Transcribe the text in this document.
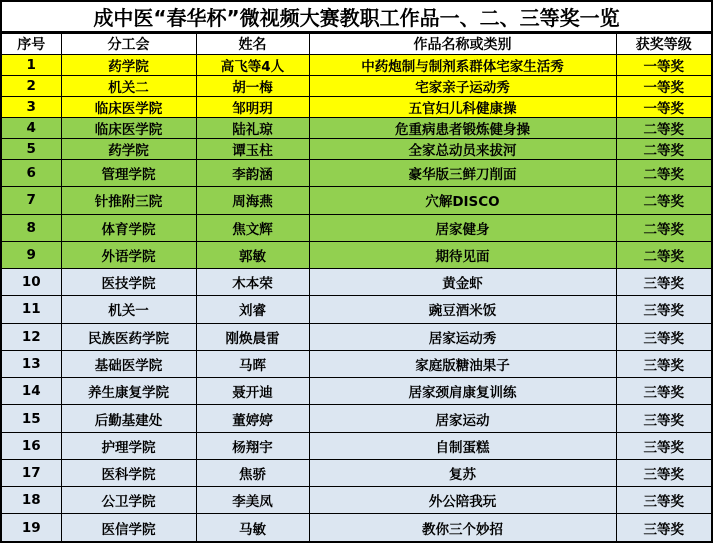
成中医“春华杯”微视频大赛教职工作品一、二、三等奖一览				
序号	分工会	姓名	作品名称或类别	获奖等级
1	药学院	高飞等4人	中药炮制与制剂系群体宅家生活秀	一等奖
2	机关二	胡一梅	宅家亲子运动秀	一等奖
3	临床医学院	邹明玥	五官妇儿科健康操	一等奖
4	临床医学院	陆礼琼	危重病患者锻炼健身操	二等奖
5	药学院	谭玉柱	全家总动员来拔河	二等奖
6	管理学院	李韵涵	豪华版三鲜刀削面	二等奖
7	针推附三院	周海燕	穴解DISCO	二等奖
8	体育学院	焦文辉	居家健身	二等奖
9	外语学院	郭敏	期待见面	二等奖
10	医技学院	木本荣	黄金虾	三等奖
11	机关一	刘睿	豌豆酒米饭	三等奖
12	民族医药学院	刚焕晨雷	居家运动秀	三等奖
13	基础医学院	马晖	家庭版糖油果子	三等奖
14	养生康复学院	聂开迪	居家颈肩康复训练	三等奖
15	后勤基建处	董婷婷	居家运动	三等奖
16	护理学院	杨翔宇	自制蛋糕	三等奖
17	医科学院	焦骄	复苏	三等奖
18	公卫学院	李美凤	外公陪我玩	三等奖
19	医信学院	马敏	教你三个妙招	三等奖
